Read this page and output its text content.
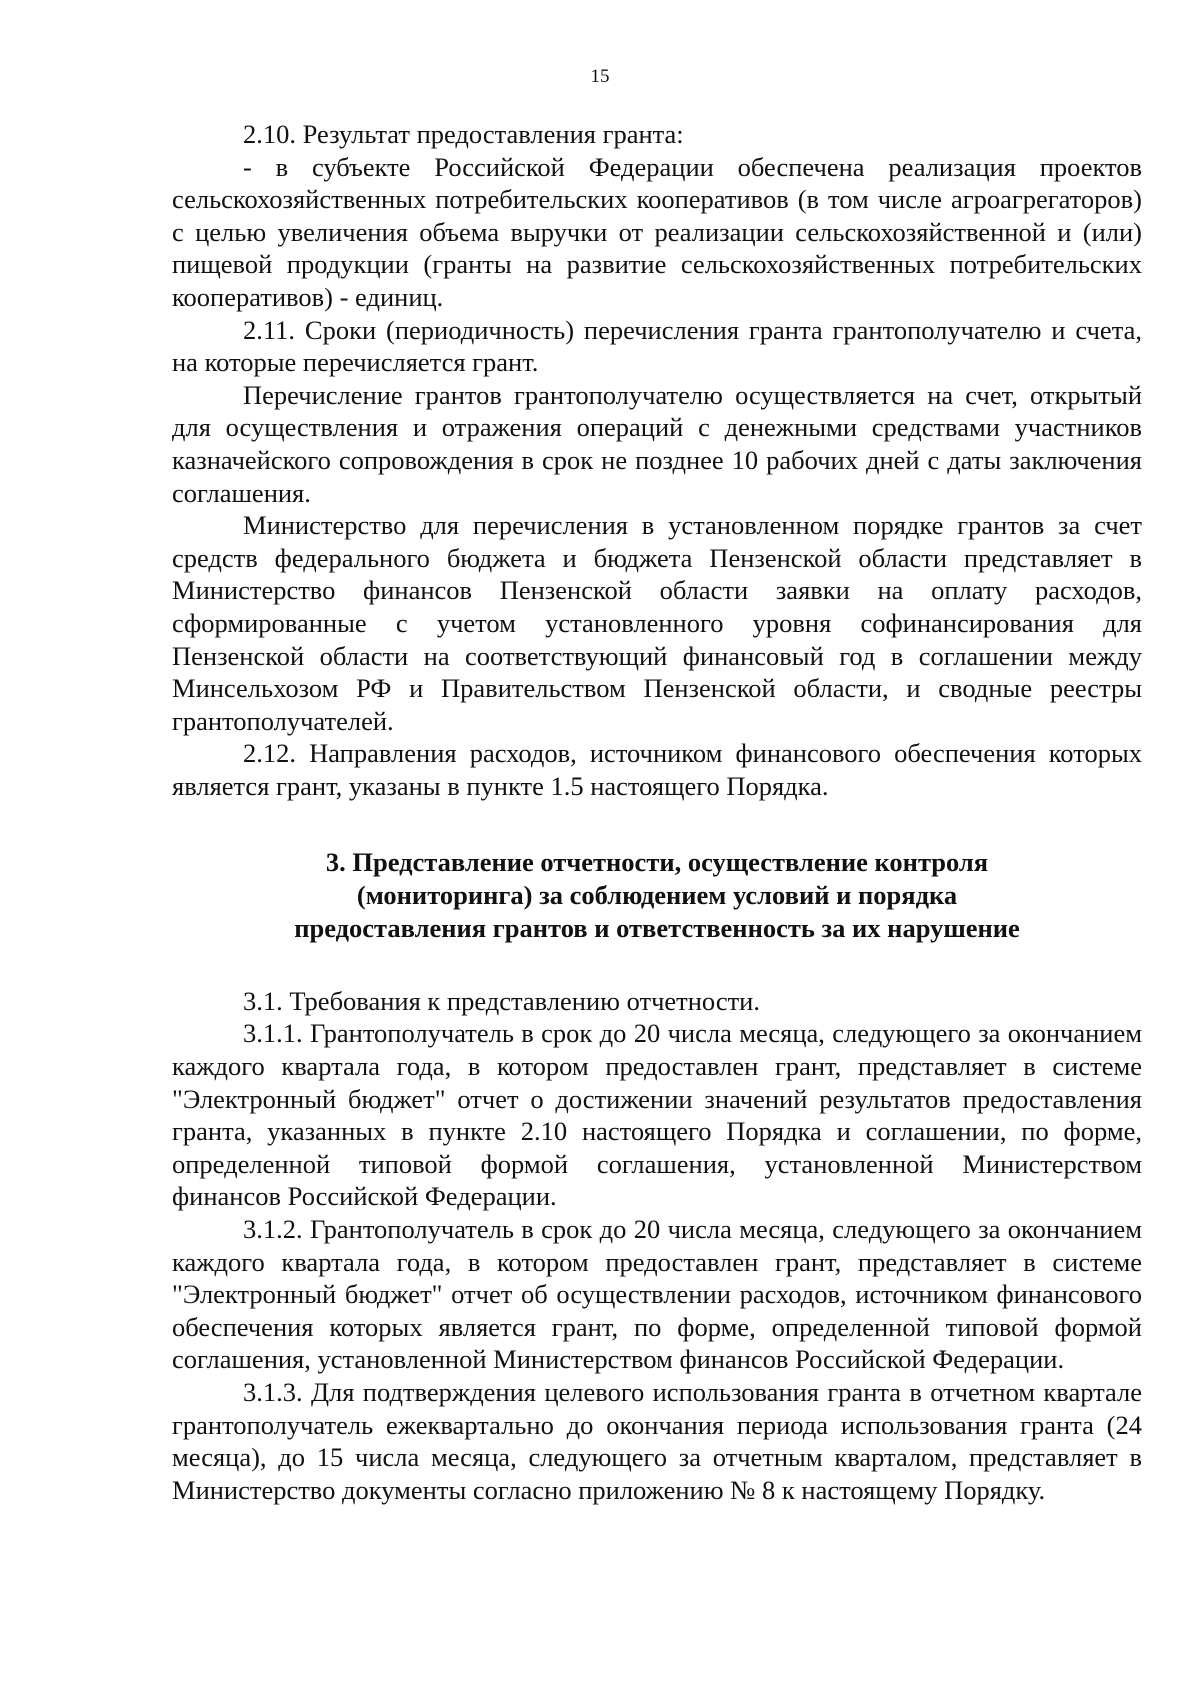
15

2.10. Результат предоставления гранта:

- в субъекте Российской Федерации обеспечена реализация проектов сельскохозяйственных потребительских кооперативов (в том числе агроагрегаторов) с целью увеличения объема выручки от реализации сельскохозяйственной и (или) пищевой продукции (гранты на развитие сельскохозяйственных потребительских кооперативов) - единиц.

2.11. Сроки (периодичность) перечисления гранта грантополучателю и счета, на которые перечисляется грант.

Перечисление грантов грантополучателю осуществляется на счет, открытый для осуществления и отражения операций с денежными средствами участников казначейского сопровождения в срок не позднее 10 рабочих дней с даты заключения соглашения.

Министерство для перечисления в установленном порядке грантов за счет средств федерального бюджета и бюджета Пензенской области представляет в Министерство финансов Пензенской области заявки на оплату расходов, сформированные с учетом установленного уровня софинансирования для Пензенской области на соответствующий финансовый год в соглашении между Минсельхозом РФ и Правительством Пензенской области, и сводные реестры грантополучателей.

2.12. Направления расходов, источником финансового обеспечения которых является грант, указаны в пункте 1.5 настоящего Порядка.

3. Представление отчетности, осуществление контроля
(мониторинга) за соблюдением условий и порядка
предоставления грантов и ответственность за их нарушение

3.1. Требования к представлению отчетности.

3.1.1. Грантополучатель в срок до 20 числа месяца, следующего за окончанием каждого квартала года, в котором предоставлен грант, представляет в системе "Электронный бюджет" отчет о достижении значений результатов предоставления гранта, указанных в пункте 2.10 настоящего Порядка и соглашении, по форме, определенной типовой формой соглашения, установленной Министерством финансов Российской Федерации.

3.1.2. Грантополучатель в срок до 20 числа месяца, следующего за окончанием каждого квартала года, в котором предоставлен грант, представляет в системе "Электронный бюджет" отчет об осуществлении расходов, источником финансового обеспечения которых является грант, по форме, определенной типовой формой соглашения, установленной Министерством финансов Российской Федерации.

3.1.3. Для подтверждения целевого использования гранта в отчетном квартале грантополучатель ежеквартально до окончания периода использования гранта (24 месяца), до 15 числа месяца, следующего за отчетным кварталом, представляет в Министерство документы согласно приложению № 8 к настоящему Порядку.
